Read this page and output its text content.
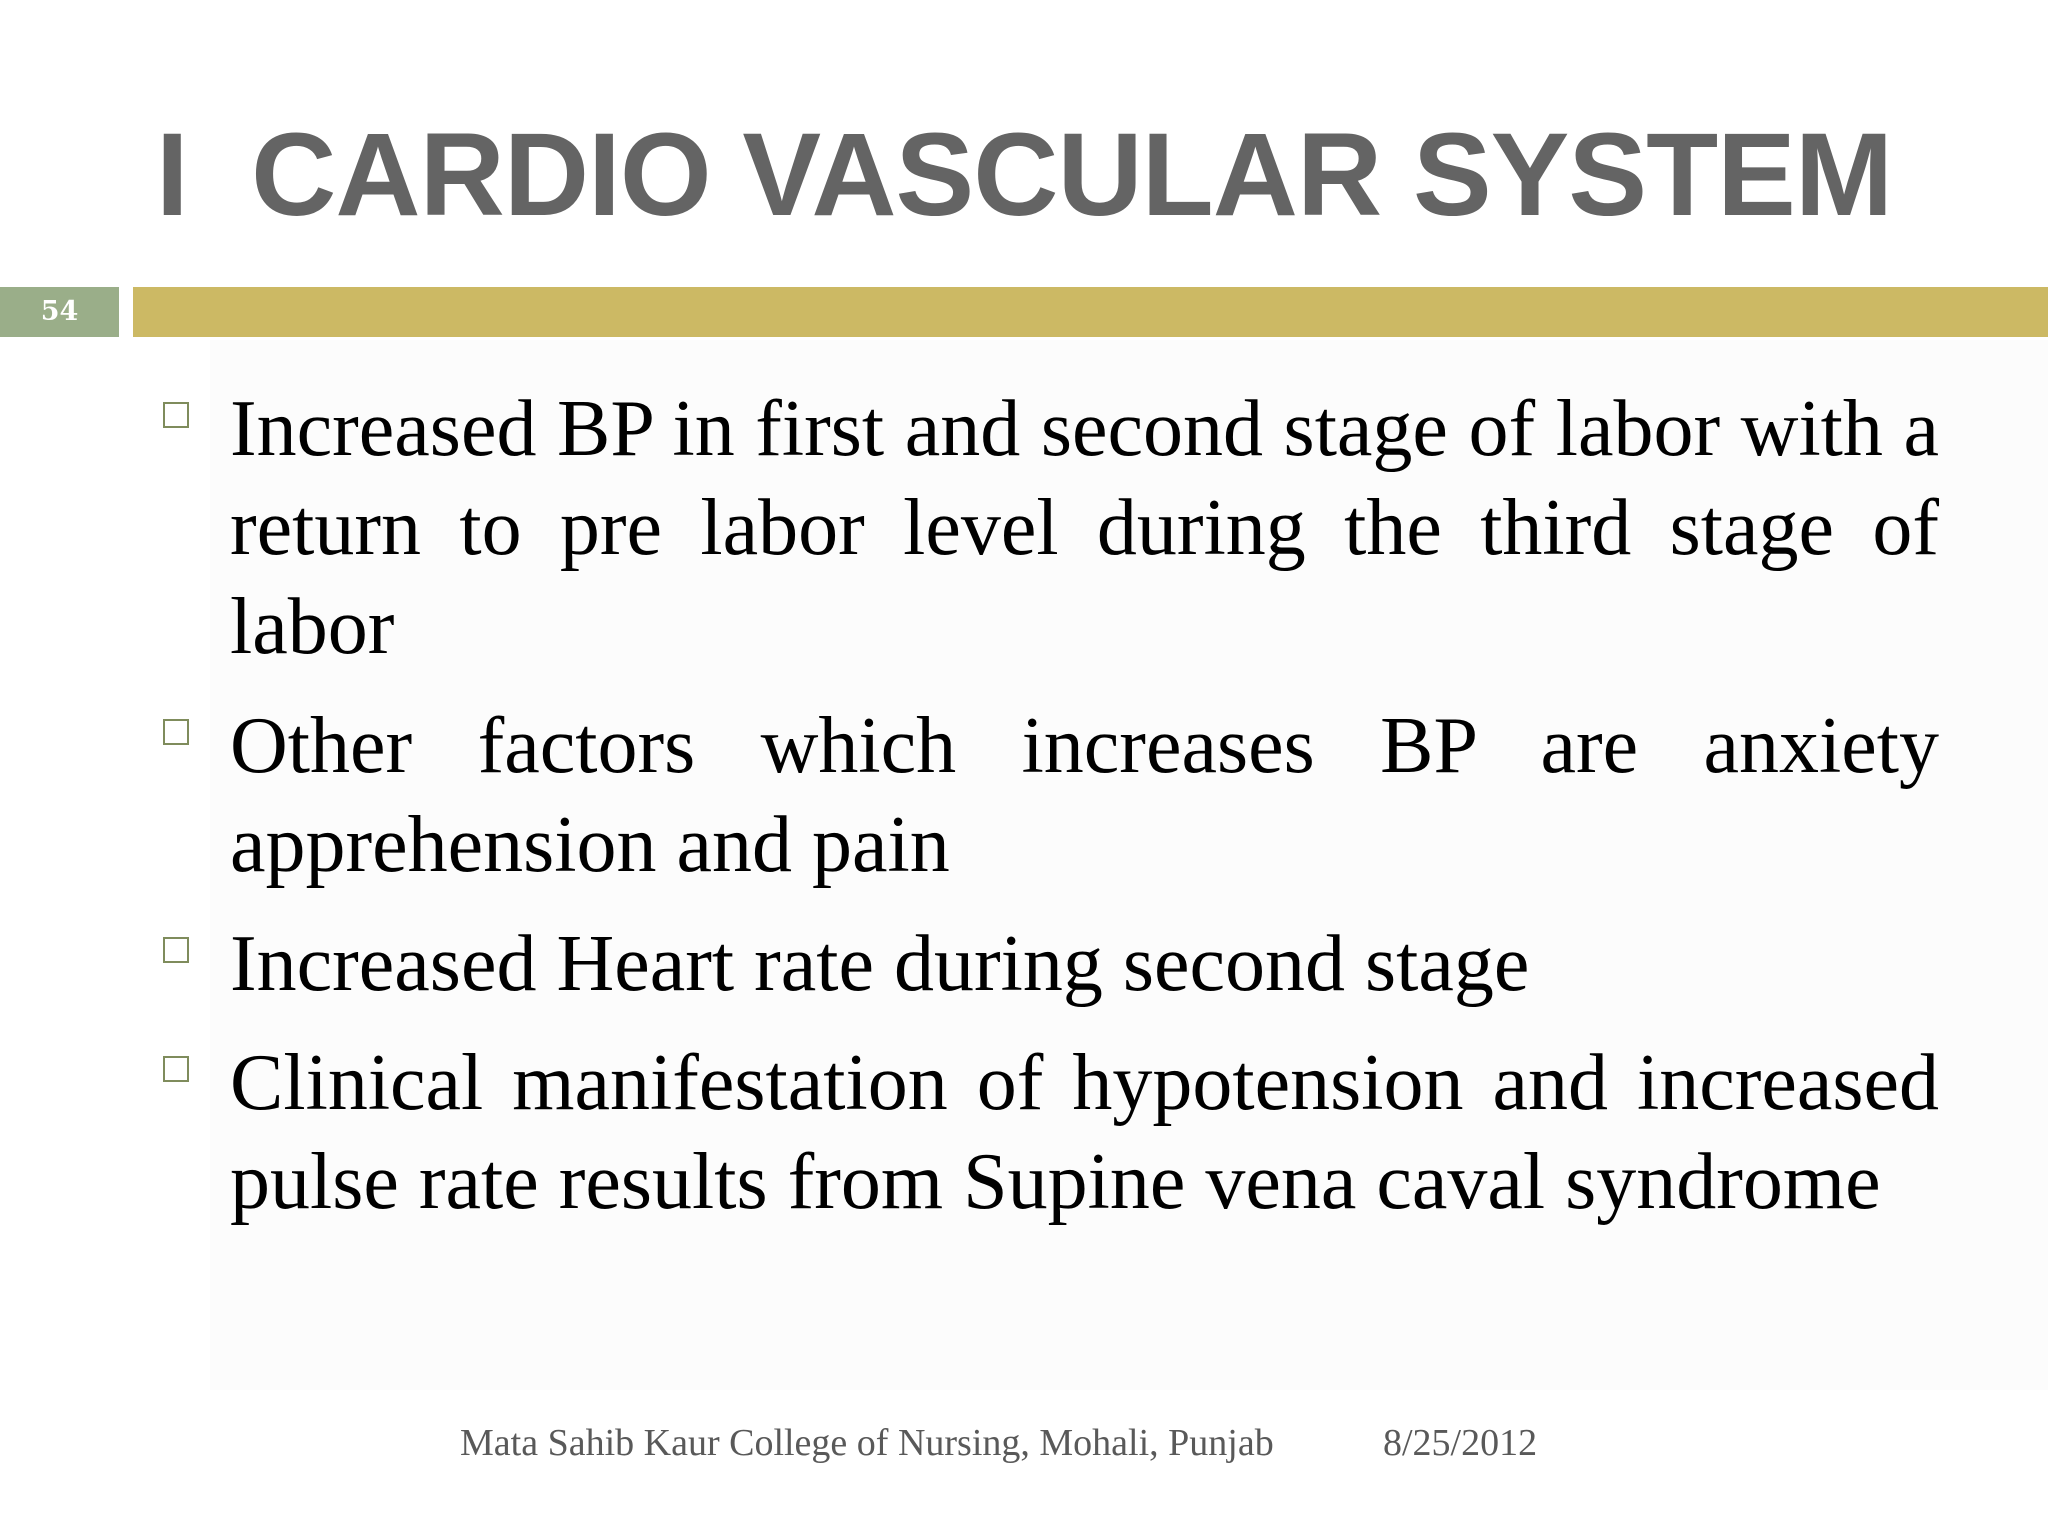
I  CARDIO VASCULAR SYSTEM
54
Increased BP in first and second stage of labor with a return to pre labor level during the third stage of labor
Other factors which increases BP are anxiety apprehension and pain
Increased Heart rate during second stage
Clinical manifestation of hypotension and increased pulse rate results from Supine vena caval syndrome
Mata Sahib Kaur College of Nursing, Mohali, Punjab	8/25/2012
